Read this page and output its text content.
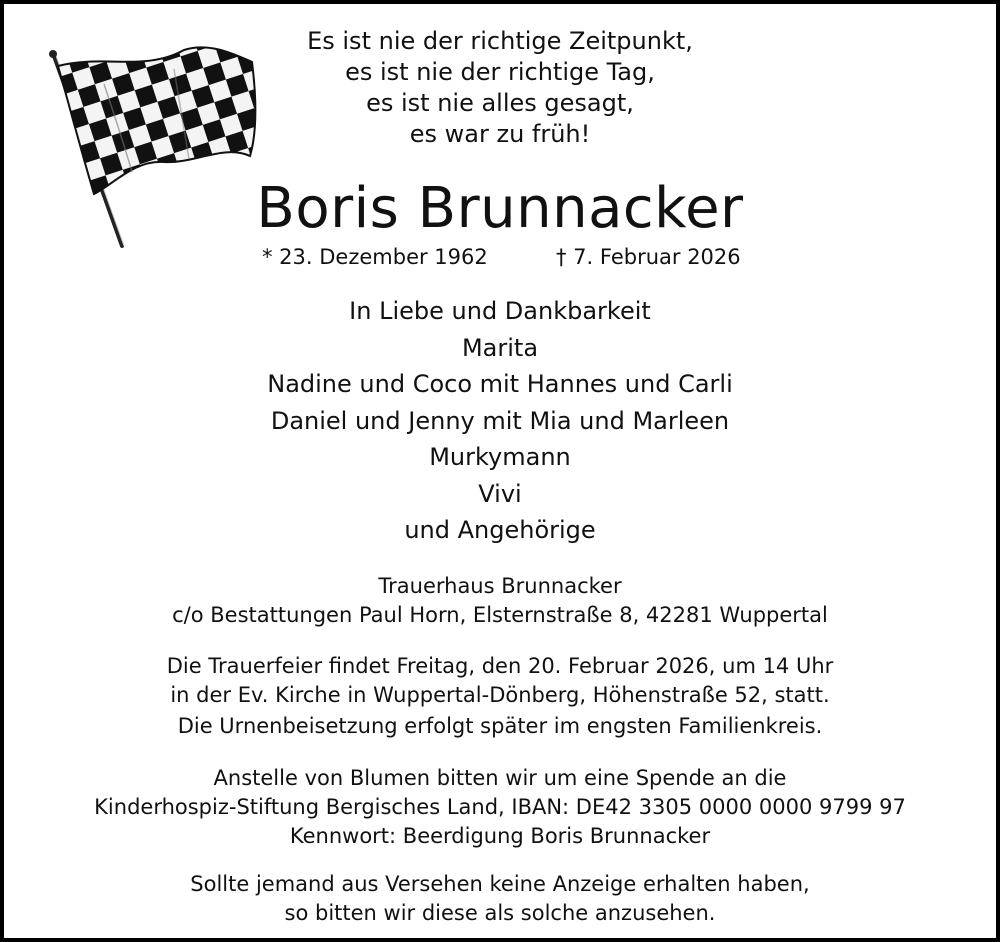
Es ist nie der richtige Zeitpunkt,
es ist nie der richtige Tag,
es ist nie alles gesagt,
es war zu früh!
Boris Brunnacker
* 23. Dezember 1962	† 7. Februar 2026
In Liebe und Dankbarkeit
Marita
Nadine und Coco mit Hannes und Carli
Daniel und Jenny mit Mia und Marleen
Murkymann
Vivi
und Angehörige
Trauerhaus Brunnacker
c/o Bestattungen Paul Horn, Elsternstraße 8, 42281 Wuppertal
Die Trauerfeier findet Freitag, den 20. Februar 2026, um 14 Uhr
in der Ev. Kirche in Wuppertal-Dönberg, Höhenstraße 52, statt.
Die Urnenbeisetzung erfolgt später im engsten Familienkreis.
Anstelle von Blumen bitten wir um eine Spende an die
Kinderhospiz-Stiftung Bergisches Land, IBAN: DE42 3305 0000 0000 9799 97
Kennwort: Beerdigung Boris Brunnacker
Sollte jemand aus Versehen keine Anzeige erhalten haben,
so bitten wir diese als solche anzusehen.
